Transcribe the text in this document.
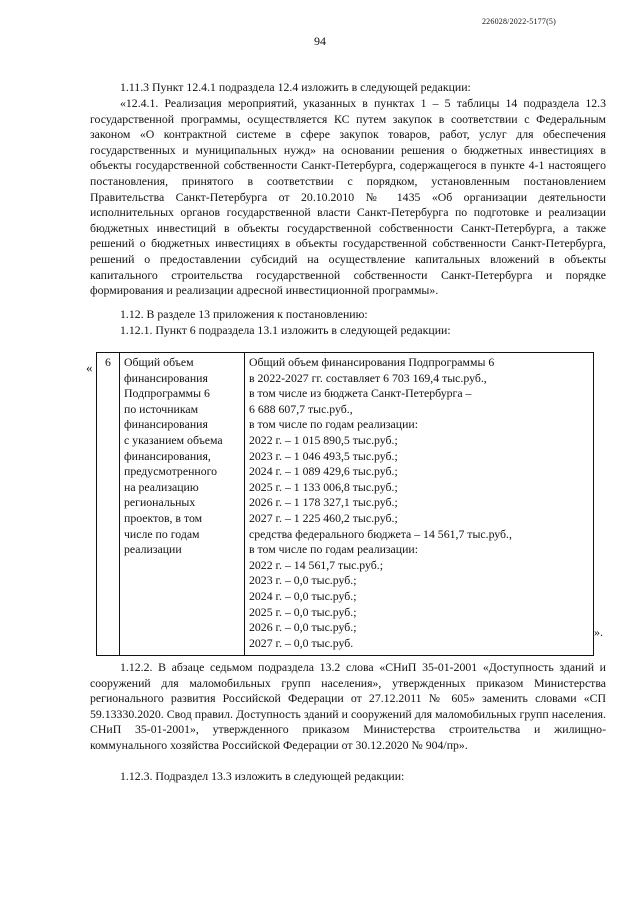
226028/2022-5177(5)
94

1.11.3 Пункт 12.4.1 подраздела 12.4 изложить в следующей редакции:

«12.4.1. Реализация мероприятий, указанных в пунктах 1 – 5 таблицы 14 подраздела 12.3 государственной программы, осуществляется КС путем закупок в соответствии с Федеральным законом «О контрактной системе в сфере закупок товаров, работ, услуг для обеспечения государственных и муниципальных нужд» на основании решения о бюджетных инвестициях в объекты государственной собственности Санкт-Петербурга, содержащегося в пункте 4-1 настоящего постановления, принятого в соответствии с порядком, установленным постановлением Правительства Санкт-Петербурга от 20.10.2010 № 1435 «Об организации деятельности исполнительных органов государственной власти Санкт-Петербурга по подготовке и реализации бюджетных инвестиций в объекты государственной собственности Санкт-Петербурга, а также решений о бюджетных инвестициях в объекты государственной собственности Санкт-Петербурга, решений о предоставлении субсидий на осуществление капитальных вложений в объекты капитального строительства государственной собственности Санкт-Петербурга и порядке формирования и реализации адресной инвестиционной программы».

1.12. В разделе 13 приложения к постановлению:

1.12.1. Пункт 6 подраздела 13.1 изложить в следующей редакции:

« 6	Общий объем
финансирования
Подпрограммы 6
по источникам
финансирования
с указанием объема
финансирования,
предусмотренного
на реализацию
региональных
проектов, в том
числе по годам
реализации

Общий объем финансирования Подпрограммы 6
в 2022-2027 гг. составляет 6 703 169,4 тыс.руб.,
в том числе из бюджета Санкт-Петербурга –
6 688 607,7 тыс.руб.,
в том числе по годам реализации:
2022 г. – 1 015 890,5 тыс.руб.;
2023 г. – 1 046 493,5 тыс.руб.;
2024 г. – 1 089 429,6 тыс.руб.;
2025 г. – 1 133 006,8 тыс.руб.;
2026 г. – 1 178 327,1 тыс.руб.;
2027 г. – 1 225 460,2 тыс.руб.;
средства федерального бюджета – 14 561,7 тыс.руб.,
в том числе по годам реализации:
2022 г. – 14 561,7 тыс.руб.;
2023 г. – 0,0 тыс.руб.;
2024 г. – 0,0 тыс.руб.;
2025 г. – 0,0 тыс.руб.;
2026 г. – 0,0 тыс.руб.;
2027 г. – 0,0 тыс.руб.
».

1.12.2. В абзаце седьмом подраздела 13.2 слова «СНиП 35-01-2001 «Доступность зданий и сооружений для маломобильных групп населения», утвержденных приказом Министерства регионального развития Российской Федерации от 27.12.2011 № 605» заменить словами «СП 59.13330.2020. Свод правил. Доступность зданий и сооружений для маломобильных групп населения. СНиП 35-01-2001», утвержденного приказом Министерства строительства и жилищно-коммунального хозяйства Российской Федерации от 30.12.2020 № 904/пр».

1.12.3. Подраздел 13.3 изложить в следующей редакции:
